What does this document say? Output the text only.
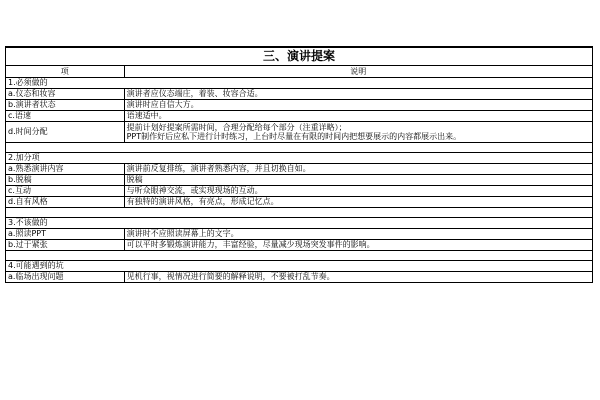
三、演讲提案	
项	说明
1.必须做的	
a.仪态和妆容	演讲者应仪态端庄，着装、妆容合适。

b.演讲者状态	演讲时应自信大方。

c.语速	语速适中。

d.时间分配	提前计划好提案所需时间，合理分配给每个部分（注重详略）；
PPT制作好后应私下进行计时练习，上台时尽量在有限的时间内把想要展示的内容都展示出来。

2.加分项	
a.熟悉演讲内容	演讲前反复排练，演讲者熟悉内容，并且切换自如。

b.脱稿	脱稿

c.互动	与听众眼神交流，或实现现场的互动。

d.自有风格	有独特的演讲风格，有亮点，形成记忆点。

3.不该做的	
a.照读PPT	演讲时不应照读屏幕上的文字。

b.过于紧张	可以平时多锻炼演讲能力，丰富经验，尽量减少现场突发事件的影响。

4.可能遇到的坑	
a.临场出现问题	见机行事，视情况进行简要的解释说明，不要被打乱节奏。
